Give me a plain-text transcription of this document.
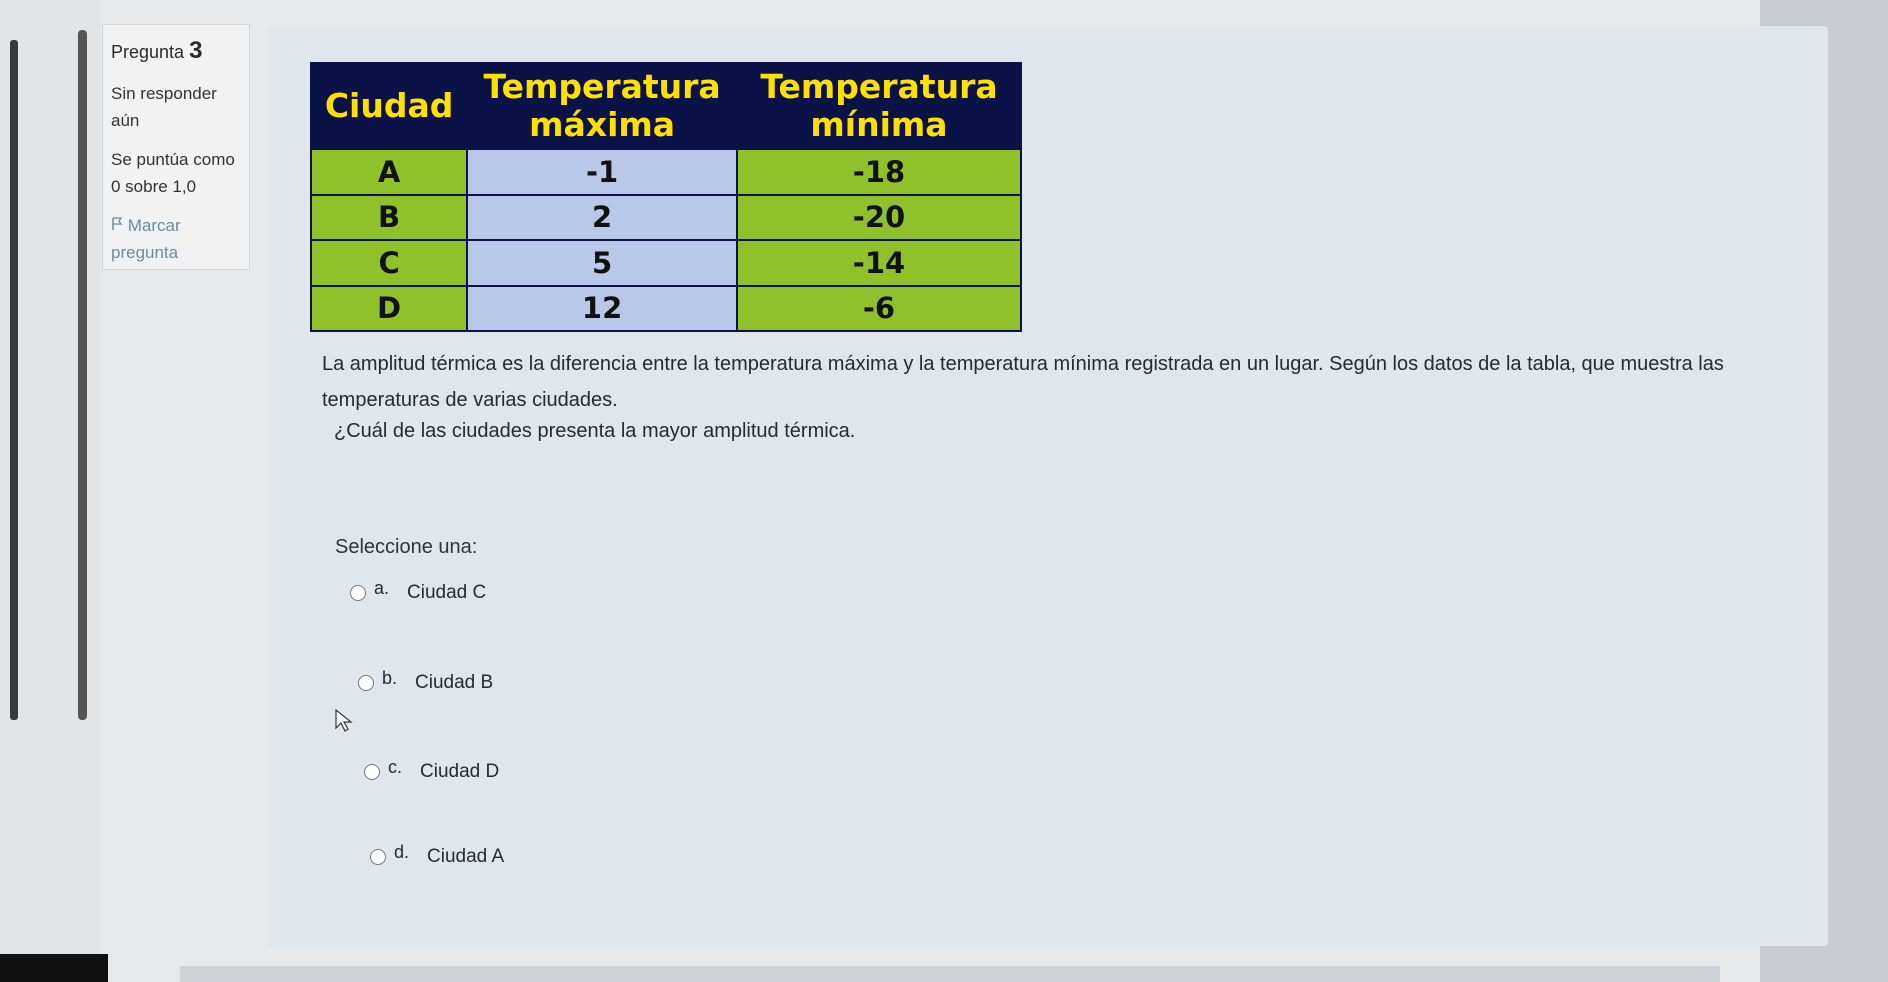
Pregunta 3
Sin responder
aún
Se puntúa como
0 sobre 1,0
Marcar
pregunta
Ciudad	Temperatura máxima	Temperatura mínima
A	-1	-18
B	2	-20
C	5	-14
D	12	-6
La amplitud térmica es la diferencia entre la temperatura máxima y la temperatura mínima registrada en un lugar. Según los datos de la tabla, que muestra las temperaturas de varias ciudades.
¿Cuál de las ciudades presenta la mayor amplitud térmica.
Seleccione una:
a. Ciudad C
b. Ciudad B
c. Ciudad D
d. Ciudad A
